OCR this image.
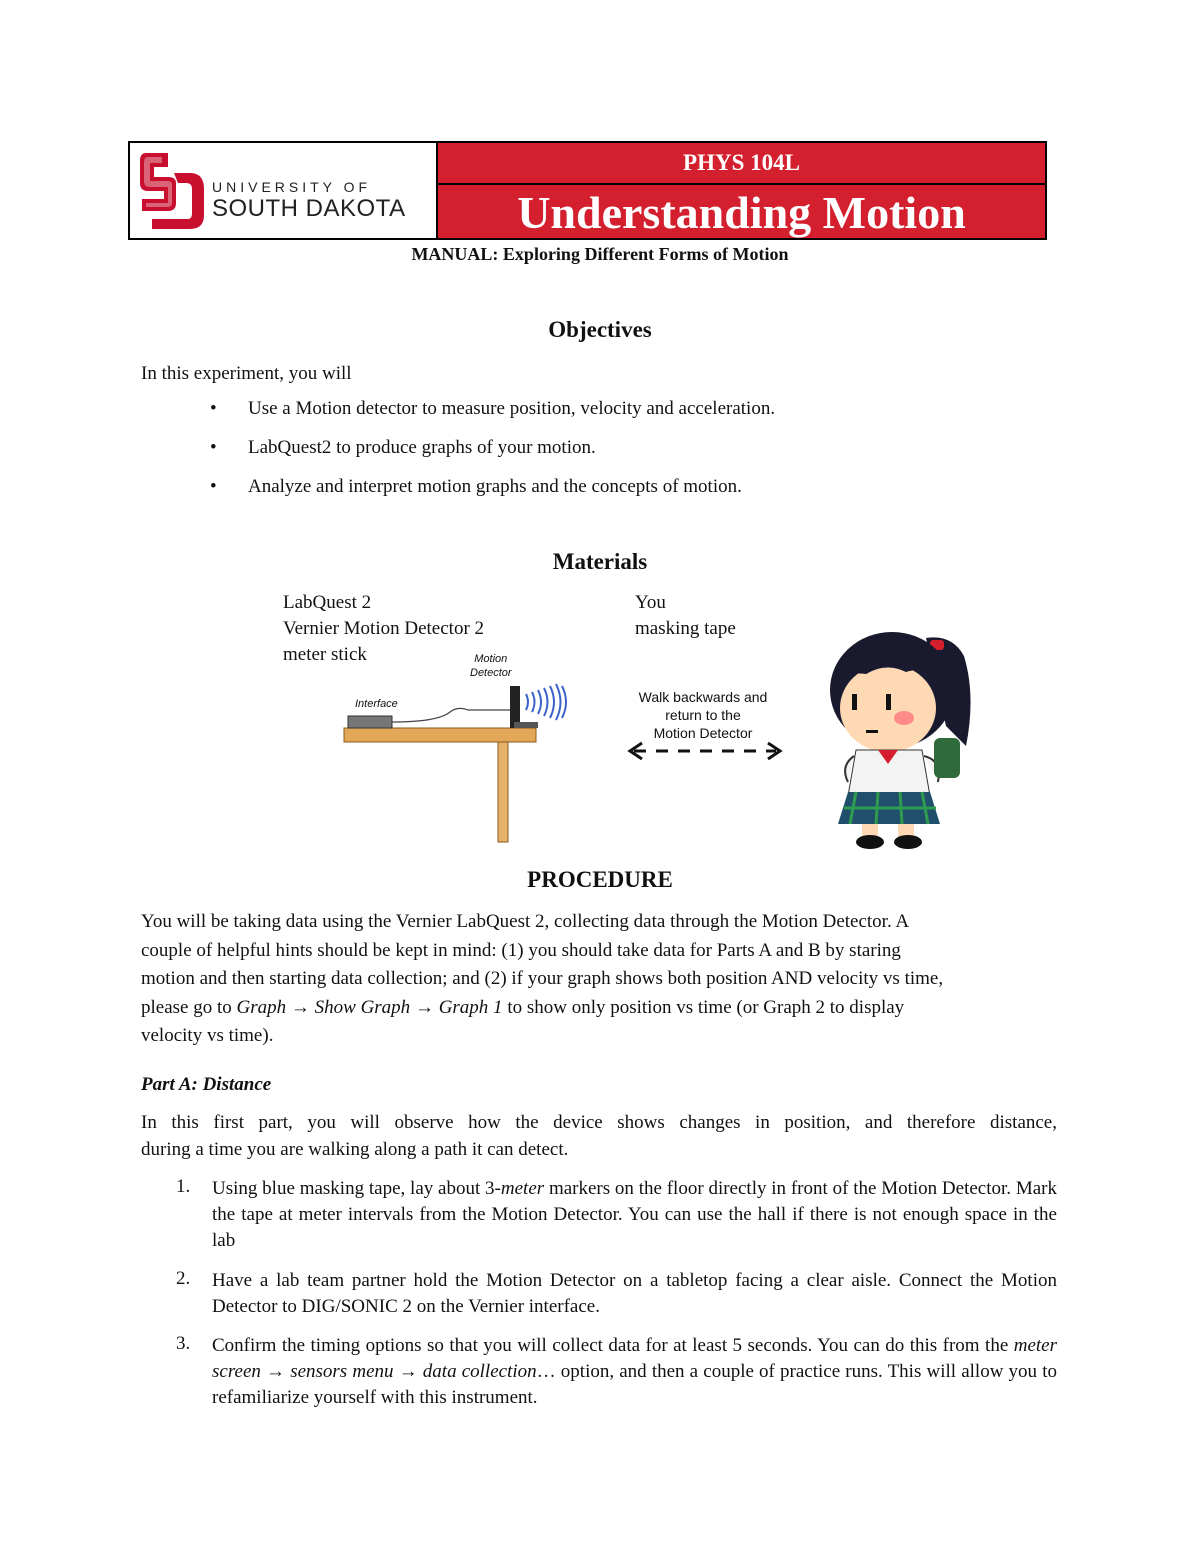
UNIVERSITY OF
SOUTH DAKOTA
PHYS 104L
Understanding Motion
MANUAL: Exploring Different Forms of Motion
Objectives
In this experiment, you will
• Use a Motion detector to measure position, velocity and acceleration.
• LabQuest2 to produce graphs of your motion.
• Analyze and interpret motion graphs and the concepts of motion.
Materials
LabQuest 2
Vernier Motion Detector 2
meter stick
You
masking tape
Motion
Detector
Interface	Walk backwards and
return to the
Motion Detector
PROCEDURE
You will be taking data using the Vernier LabQuest 2, collecting data through the Motion Detector. A
couple of helpful hints should be kept in mind: (1) you should take data for Parts A and B by staring
motion and then starting data collection; and (2) if your graph shows both position AND velocity vs time,
please go to Graph → Show Graph → Graph 1 to show only position vs time (or Graph 2 to display
velocity vs time).
Part A: Distance
In this first part, you will observe how the device shows changes in position, and therefore distance,
during a time you are walking along a path it can detect.
1. Using blue masking tape, lay about 3-meter markers on the floor directly in front of the Motion Detector. Mark the tape at meter intervals from the Motion Detector. You can use the hall if there is not enough space in the lab
2. Have a lab team partner hold the Motion Detector on a tabletop facing a clear aisle. Connect the Motion Detector to DIG/SONIC 2 on the Vernier interface.
3. Confirm the timing options so that you will collect data for at least 5 seconds. You can do this from the meter screen → sensors menu → data collection… option, and then a couple of practice runs. This will allow you to refamiliarize yourself with this instrument.
